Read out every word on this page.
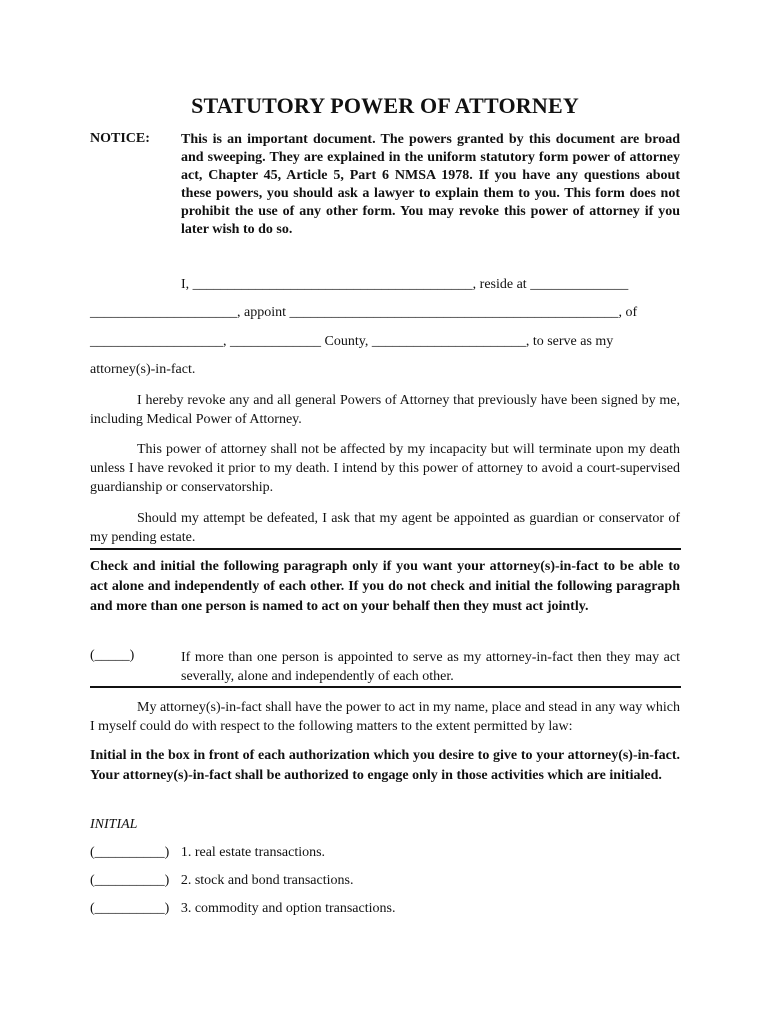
STATUTORY POWER OF ATTORNEY
NOTICE: This is an important document. The powers granted by this document are broad and sweeping. They are explained in the uniform statutory form power of attorney act, Chapter 45, Article 5, Part 6 NMSA 1978. If you have any questions about these powers, you should ask a lawyer to explain them to you. This form does not prohibit the use of any other form. You may revoke this power of attorney if you later wish to do so.
I, ________________________________________, reside at ______________
_____________________, appoint _______________________________________________, of
___________________, _____________ County, ______________________, to serve as my
attorney(s)-in-fact.
I hereby revoke any and all general Powers of Attorney that previously have been signed by me, including Medical Power of Attorney.
This power of attorney shall not be affected by my incapacity but will terminate upon my death unless I have revoked it prior to my death. I intend by this power of attorney to avoid a court-supervised guardianship or conservatorship.
Should my attempt be defeated, I ask that my agent be appointed as guardian or conservator of my pending estate.
Check and initial the following paragraph only if you want your attorney(s)-in-fact to be able to act alone and independently of each other. If you do not check and initial the following paragraph and more than one person is named to act on your behalf then they must act jointly.
(_____)	If more than one person is appointed to serve as my attorney-in-fact then they may act severally, alone and independently of each other.
My attorney(s)-in-fact shall have the power to act in my name, place and stead in any way which I myself could do with respect to the following matters to the extent permitted by law:
Initial in the box in front of each authorization which you desire to give to your attorney(s)-in-fact. Your attorney(s)-in-fact shall be authorized to engage only in those activities which are initialed.
INITIAL
(__________) 1. real estate transactions.
(__________) 2. stock and bond transactions.
(__________) 3. commodity and option transactions.
